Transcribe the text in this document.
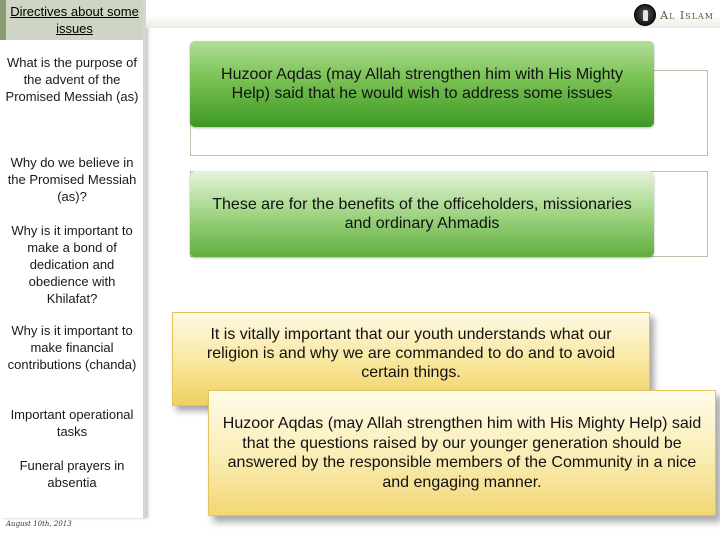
Directives about some issues
What is the purpose of the advent of the Promised Messiah (as)
Why do we believe in the Promised Messiah (as)?
Why is it important to make a bond of dedication and obedience with Khilafat?
Why is it important to make financial contributions (chanda)
Important operational tasks
Funeral prayers in absentia
August 10th, 2013
Al Islam
Huzoor Aqdas (may Allah strengthen him with His Mighty Help) said that he would wish to address some issues
These are for the benefits of the officeholders, missionaries and ordinary Ahmadis
It is vitally important that our youth understands what our religion is and why we are commanded to do and to avoid certain things.
Huzoor Aqdas (may Allah strengthen him with His Mighty Help) said that the questions raised by our younger generation should be answered by the responsible members of the Community in a nice and engaging manner.
